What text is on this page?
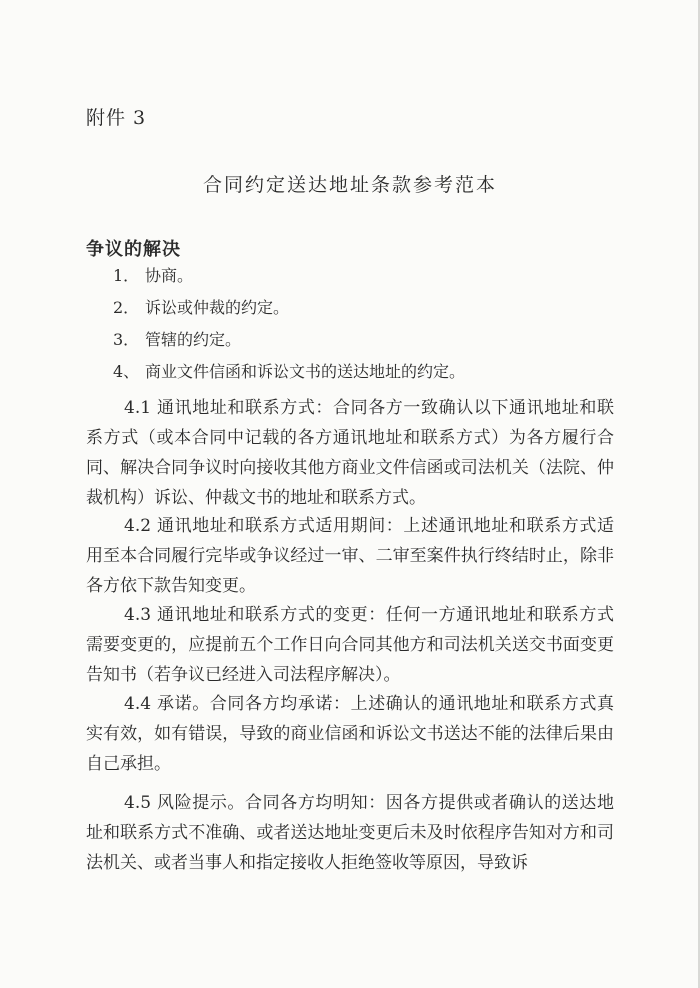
附件 3
合同约定送达地址条款参考范本
争议的解决
1． 协商。
2． 诉讼或仲裁的约定。
3． 管辖的约定。
4、 商业文件信函和诉讼文书的送达地址的约定。

4.1 通讯地址和联系方式：合同各方一致确认以下通讯地址和联系方式（或本合同中记载的各方通讯地址和联系方式）为各方履行合同、解决合同争议时向接收其他方商业文件信函或司法机关（法院、仲裁机构）诉讼、仲裁文书的地址和联系方式。

4.2 通讯地址和联系方式适用期间：上述通讯地址和联系方式适用至本合同履行完毕或争议经过一审、二审至案件执行终结时止，除非各方依下款告知变更。

4.3 通讯地址和联系方式的变更：任何一方通讯地址和联系方式需要变更的，应提前五个工作日向合同其他方和司法机关送交书面变更告知书（若争议已经进入司法程序解决）。

4.4 承诺。合同各方均承诺：上述确认的通讯地址和联系方式真实有效，如有错误，导致的商业信函和诉讼文书送达不能的法律后果由自己承担。

4.5 风险提示。合同各方均明知：因各方提供或者确认的送达地址和联系方式不准确、或者送达地址变更后未及时依程序告知对方和司法机关、或者当事人和指定接收人拒绝签收等原因，导致诉
